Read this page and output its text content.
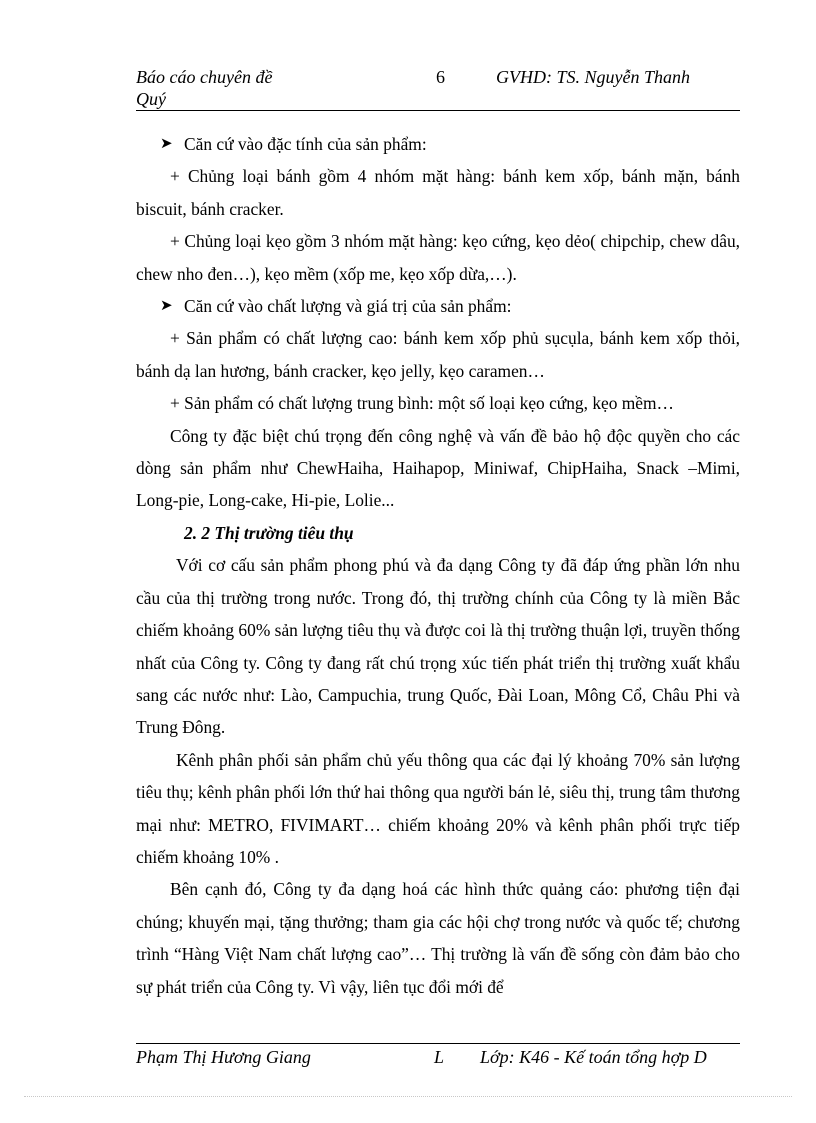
Báo cáo chuyên đề	6	GVHD: TS. Nguyễn Thanh
Quý

➤ Căn cứ vào đặc tính của sản phẩm:

+ Chủng loại bánh gồm 4 nhóm mặt hàng: bánh kem xốp, bánh mặn, bánh biscuit, bánh cracker.

+ Chủng loại kẹo gồm 3 nhóm mặt hàng: kẹo cứng, kẹo dẻo( chipchip, chew dâu, chew nho đen…), kẹo mềm (xốp me, kẹo xốp dừa,…).

➤ Căn cứ vào chất lượng và giá trị của sản phẩm:

+ Sản phẩm có chất lượng cao: bánh kem xốp phủ sụcụla, bánh kem xốp thỏi, bánh dạ lan hương, bánh cracker, kẹo jelly, kẹo caramen…

+ Sản phẩm có chất lượng trung bình: một số loại kẹo cứng, kẹo mềm…

Công ty đặc biệt chú trọng đến công nghệ và vấn đề bảo hộ độc quyền cho các dòng sản phẩm như ChewHaiha, Haihapop, Miniwaf, ChipHaiha, Snack –Mimi, Long-pie, Long-cake, Hi-pie, Lolie...

2. 2 Thị trường tiêu thụ

Với cơ cấu sản phẩm phong phú và đa dạng Công ty đã đáp ứng phần lớn nhu cầu của thị trường trong nước. Trong đó, thị trường chính của Công ty là miền Bắc chiếm khoảng 60% sản lượng tiêu thụ và được coi là thị trường thuận lợi, truyền thống nhất của Công ty. Công ty đang rất chú trọng xúc tiến phát triển thị trường xuất khẩu sang các nước như: Lào, Campuchia, trung Quốc, Đài Loan, Mông Cổ, Châu Phi và Trung Đông.

Kênh phân phối sản phẩm chủ yếu thông qua các đại lý khoảng 70% sản lượng tiêu thụ; kênh phân phối lớn thứ hai thông qua người bán lẻ, siêu thị, trung tâm thương mại như: METRO, FIVIMART… chiếm khoảng 20% và kênh phân phối trực tiếp chiếm khoảng 10% .

Bên cạnh đó, Công ty đa dạng hoá các hình thức quảng cáo: phương tiện đại chúng; khuyến mại, tặng thưởng; tham gia các hội chợ trong nước và quốc tế; chương trình “Hàng Việt Nam chất lượng cao”… Thị trường là vấn đề sống còn đảm bảo cho sự phát triển của Công ty. Vì vậy, liên tục đổi mới để

Phạm Thị Hương Giang	L Lớp: K46 - Kế toán tổng hợp D
